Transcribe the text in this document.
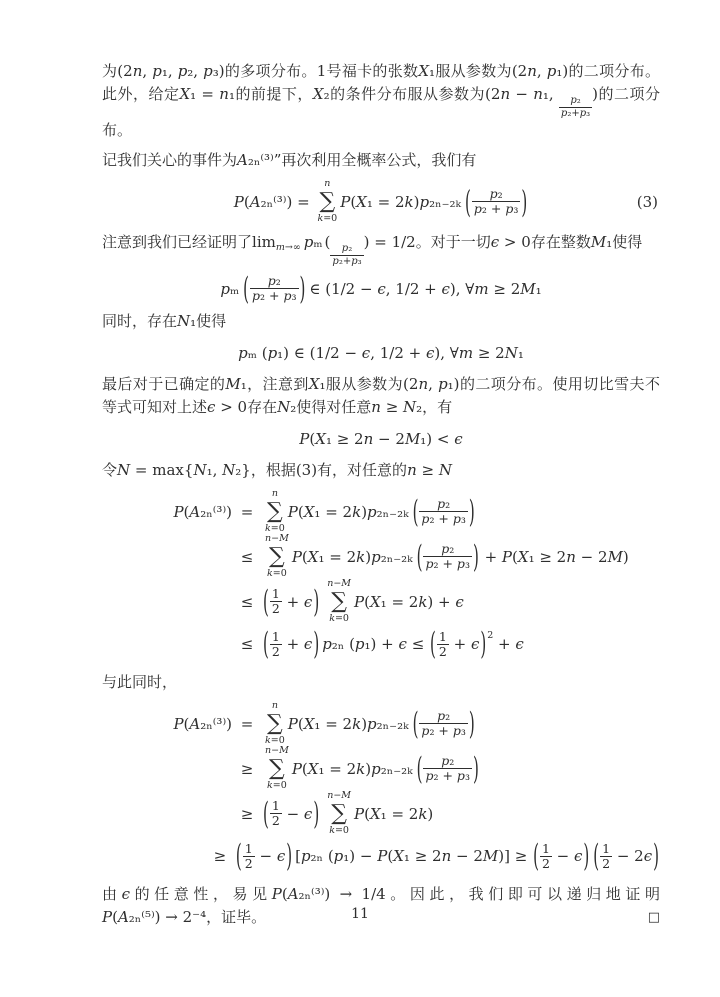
为(2n, p₁, p₂, p₃)的多项分布。1号福卡的张数X₁服从参数为(2n, p₁)的二项分布。此外，给定X₁ = n₁的前提下，X₂的条件分布服从参数为(2n − n₁,
$\frac{\text{p₂}}{\text{p₂+p₃}}$
)的二项分布。
记我们关心的事件为A₂ₙ⁽³⁾”再次利用全概率公式，我们有
P(A₂ₙ⁽³⁾) =
n
∑
k=0
P(X₁ = 2k)p₂ₙ₋₂ₖ ( $\frac{\text{p₂}}{\text{p₂ + p₃}}$ )	(3)
注意到我们已经证明了$\lim_{m\to\infty} p_m$ (
$\frac{\text{p₂}}{\text{p₂+p₃}}$
) = 1/2。对于一切ϵ > 0存在整数M₁使得
pₘ ( $\frac{\text{p₂}}{\text{p₂ + p₃}}$ ) ∈ (1/2 − ϵ, 1/2 + ϵ), ∀m ≥ 2M₁
同时，存在N₁使得
pₘ (p₁) ∈ (1/2 − ϵ, 1/2 + ϵ), ∀m ≥ 2N₁
最后对于已确定的M₁，注意到X₁服从参数为(2n, p₁)的二项分布。使用切比雪夫不等式可知对上述ϵ > 0存在N₂使得对任意n ≥ N₂，有
P(X₁ ≥ 2n − 2M₁) < ϵ
令N = max{N₁, N₂}，根据(3)有，对任意的n ≥ N
P(A₂ₙ⁽³⁾) =
n
∑
k=0
P(X₁ = 2k)p₂ₙ₋₂ₖ ( $\frac{\text{p₂}}{\text{p₂ + p₃}}$ )
≤
n−M
∑
k=0
P(X₁ = 2k)p₂ₙ₋₂ₖ ( $\frac{\text{p₂}}{\text{p₂ + p₃}}$ ) + P(X₁ ≥ 2n − 2M)
≤ ( $\frac{1}{2} + \epsilon$ ) n−M
∑
k=0
P(X₁ = 2k) + ϵ
≤ ( $\frac{1}{2} + \epsilon$ ) p₂ₙ (p₁) + ϵ ≤ ( $\frac{1}{2} + \epsilon$ ) 2 + ϵ
与此同时，
P(A₂ₙ⁽³⁾) =
n
∑
k=0
P(X₁ = 2k)p₂ₙ₋₂ₖ ( $\frac{\text{p₂}}{\text{p₂ + p₃}}$ )
≥
n−M
∑
k=0
P(X₁ = 2k)p₂ₙ₋₂ₖ ( $\frac{\text{p₂}}{\text{p₂ + p₃}}$ )
≥ ( $\frac{1}{2} - \epsilon$ ) n−M
∑
k=0
P(X₁ = 2k)
≥ ( $\frac{1}{2} - \epsilon$ ) [p₂ₙ (p₁) − P(X₁ ≥ 2n − 2M)] ≥ ( $\frac{1}{2} - \epsilon$ ) ( $\frac{1}{2} - 2\epsilon$ )
由ϵ的任意性，易见P(A₂ₙ⁽³⁾) → 1/4。因此，我们即可以递归地证明P(A₂ₙ⁽⁵⁾) → 2⁻⁴，证毕。	□
11
